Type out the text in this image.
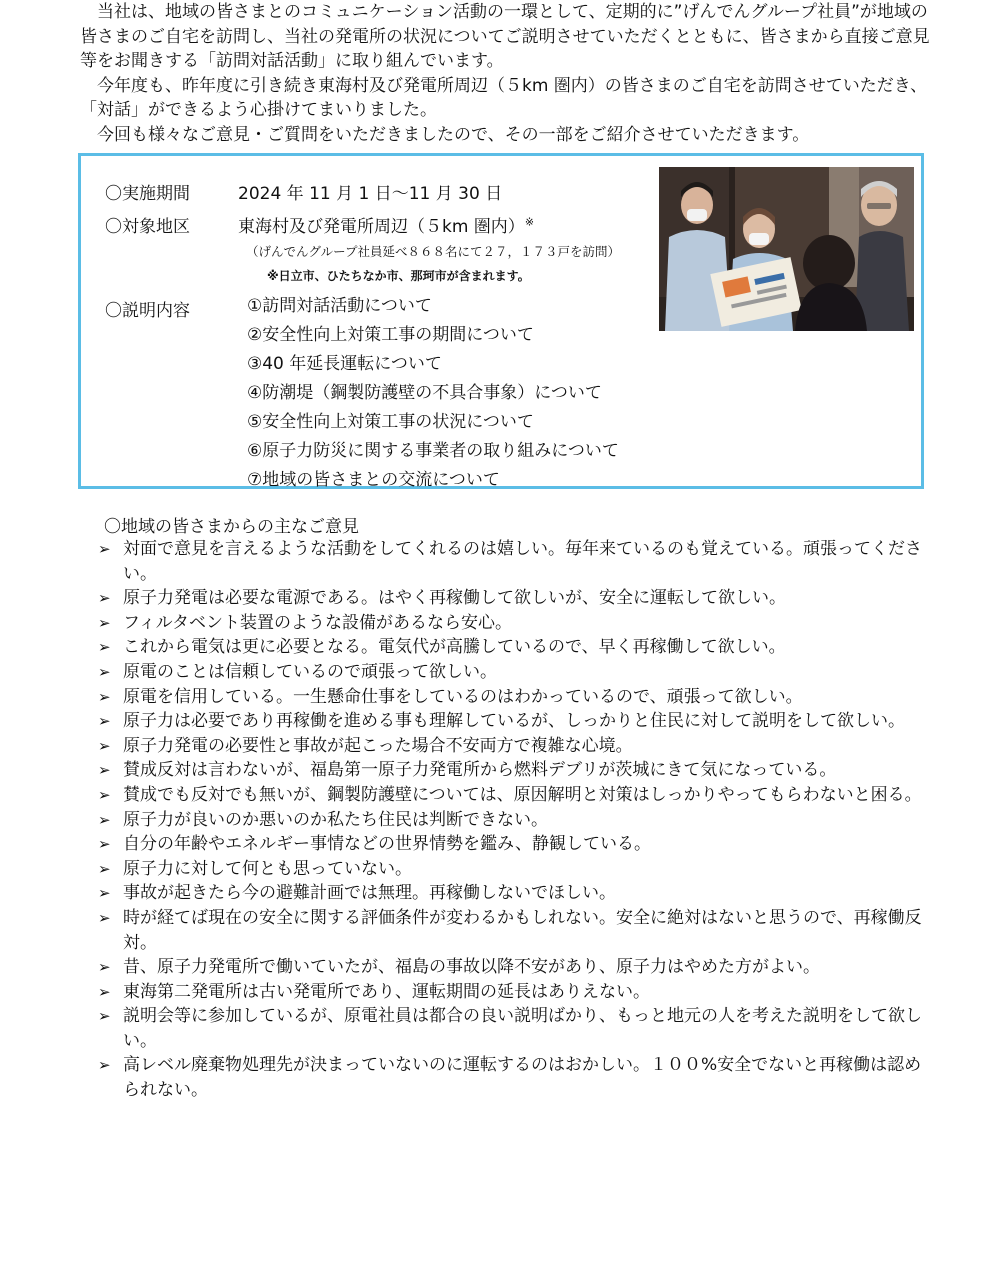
当社は、地域の皆さまとのコミュニケーション活動の一環として、定期的に”げんでんグループ社員”が地域の皆さまのご自宅を訪問し、当社の発電所の状況についてご説明させていただくとともに、皆さまから直接ご意見等をお聞きする「訪問対話活動」に取り組んでいます。

今年度も、昨年度に引き続き東海村及び発電所周辺（５km 圏内）の皆さまのご自宅を訪問させていただき、「対話」ができるよう心掛けてまいりました。

今回も様々なご意見・ご質問をいただきましたので、その一部をご紹介させていただきます。

〇実施期間	2024 年 11 月 1 日～11 月 30 日
〇対象地区	東海村及び発電所周辺（５km 圏内）※
（げんでんグループ社員延べ８６８名にて２７，１７３戸を訪問）
※日立市、ひたちなか市、那珂市が含まれます。
〇説明内容	①訪問対話活動について
②安全性向上対策工事の期間について
③40 年延長運転について
④防潮堤（鋼製防護壁の不具合事象）について
⑤安全性向上対策工事の状況について
⑥原子力防災に関する事業者の取り組みについて
⑦地域の皆さまとの交流について
〇地域の皆さまからの主なご意見
➢ 対面で意見を言えるような活動をしてくれるのは嬉しい。毎年来ているのも覚えている。頑張ってください。
➢ 原子力発電は必要な電源である。はやく再稼働して欲しいが、安全に運転して欲しい。
➢ フィルタベント装置のような設備があるなら安心。
➢ これから電気は更に必要となる。電気代が高騰しているので、早く再稼働して欲しい。
➢ 原電のことは信頼しているので頑張って欲しい。
➢ 原電を信用している。一生懸命仕事をしているのはわかっているので、頑張って欲しい。
➢ 原子力は必要であり再稼働を進める事も理解しているが、しっかりと住民に対して説明をして欲しい。
➢ 原子力発電の必要性と事故が起こった場合不安両方で複雑な心境。
➢ 賛成反対は言わないが、福島第一原子力発電所から燃料デブリが茨城にきて気になっている。
➢ 賛成でも反対でも無いが、鋼製防護壁については、原因解明と対策はしっかりやってもらわないと困る。
➢ 原子力が良いのか悪いのか私たち住民は判断できない。
➢ 自分の年齢やエネルギー事情などの世界情勢を鑑み、静観している。
➢ 原子力に対して何とも思っていない。
➢ 事故が起きたら今の避難計画では無理。再稼働しないでほしい。
➢ 時が経てば現在の安全に関する評価条件が変わるかもしれない。安全に絶対はないと思うので、再稼働反対。
➢ 昔、原子力発電所で働いていたが、福島の事故以降不安があり、原子力はやめた方がよい。
➢ 東海第二発電所は古い発電所であり、運転期間の延長はありえない。
➢ 説明会等に参加しているが、原電社員は都合の良い説明ばかり、もっと地元の人を考えた説明をして欲しい。
➢ 高レベル廃棄物処理先が決まっていないのに運転するのはおかしい。１００%安全でないと再稼働は認められない。
